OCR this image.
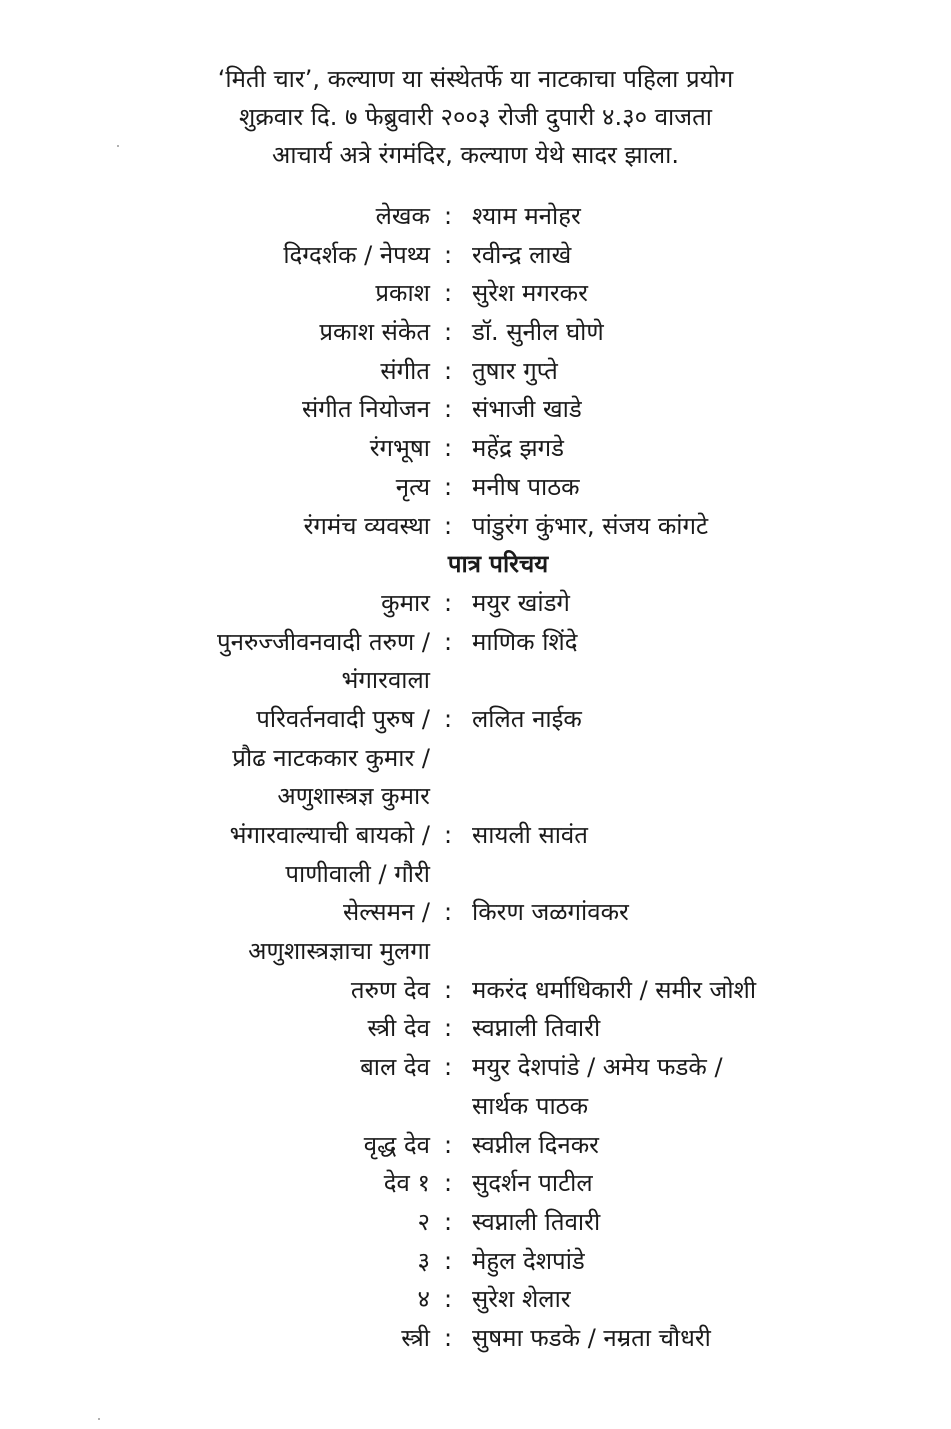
‘मिती चार’, कल्याण या संस्थेतर्फे या नाटकाचा पहिला प्रयोग
शुक्रवार दि. ७ फेब्रुवारी २००३ रोजी दुपारी ४.३० वाजता
आचार्य अत्रे रंगमंदिर, कल्याण येथे सादर झाला.
लेखक : श्याम मनोहर
दिग्दर्शक / नेपथ्य : रवीन्द्र लाखे
प्रकाश : सुरेश मगरकर
प्रकाश संकेत : डॉ. सुनील घोणे
संगीत : तुषार गुप्ते
संगीत नियोजन : संभाजी खाडे
रंगभूषा : महेंद्र झगडे
नृत्य : मनीष पाठक
रंगमंच व्यवस्था : पांडुरंग कुंभार, संजय कांगटे
पात्र परिचय
कुमार : मयुर खांडगे
पुनरुज्जीवनवादी तरुण / : माणिक शिंदे
भंगारवाला
परिवर्तनवादी पुरुष / : ललित नाईक
प्रौढ नाटककार कुमार /
अणुशास्त्रज्ञ कुमार
भंगारवाल्याची बायको / : सायली सावंत
पाणीवाली / गौरी
सेल्समन / : किरण जळगांवकर
अणुशास्त्रज्ञाचा मुलगा
तरुण देव : मकरंद धर्माधिकारी / समीर जोशी
स्त्री देव : स्वप्नाली तिवारी
बाल देव : मयुर देशपांडे / अमेय फडके /
सार्थक पाठक
वृद्ध देव : स्वप्नील दिनकर
देव १ : सुदर्शन पाटील
२ : स्वप्नाली तिवारी
३ : मेहुल देशपांडे
४ : सुरेश शेलार
स्त्री : सुषमा फडके / नम्रता चौधरी
